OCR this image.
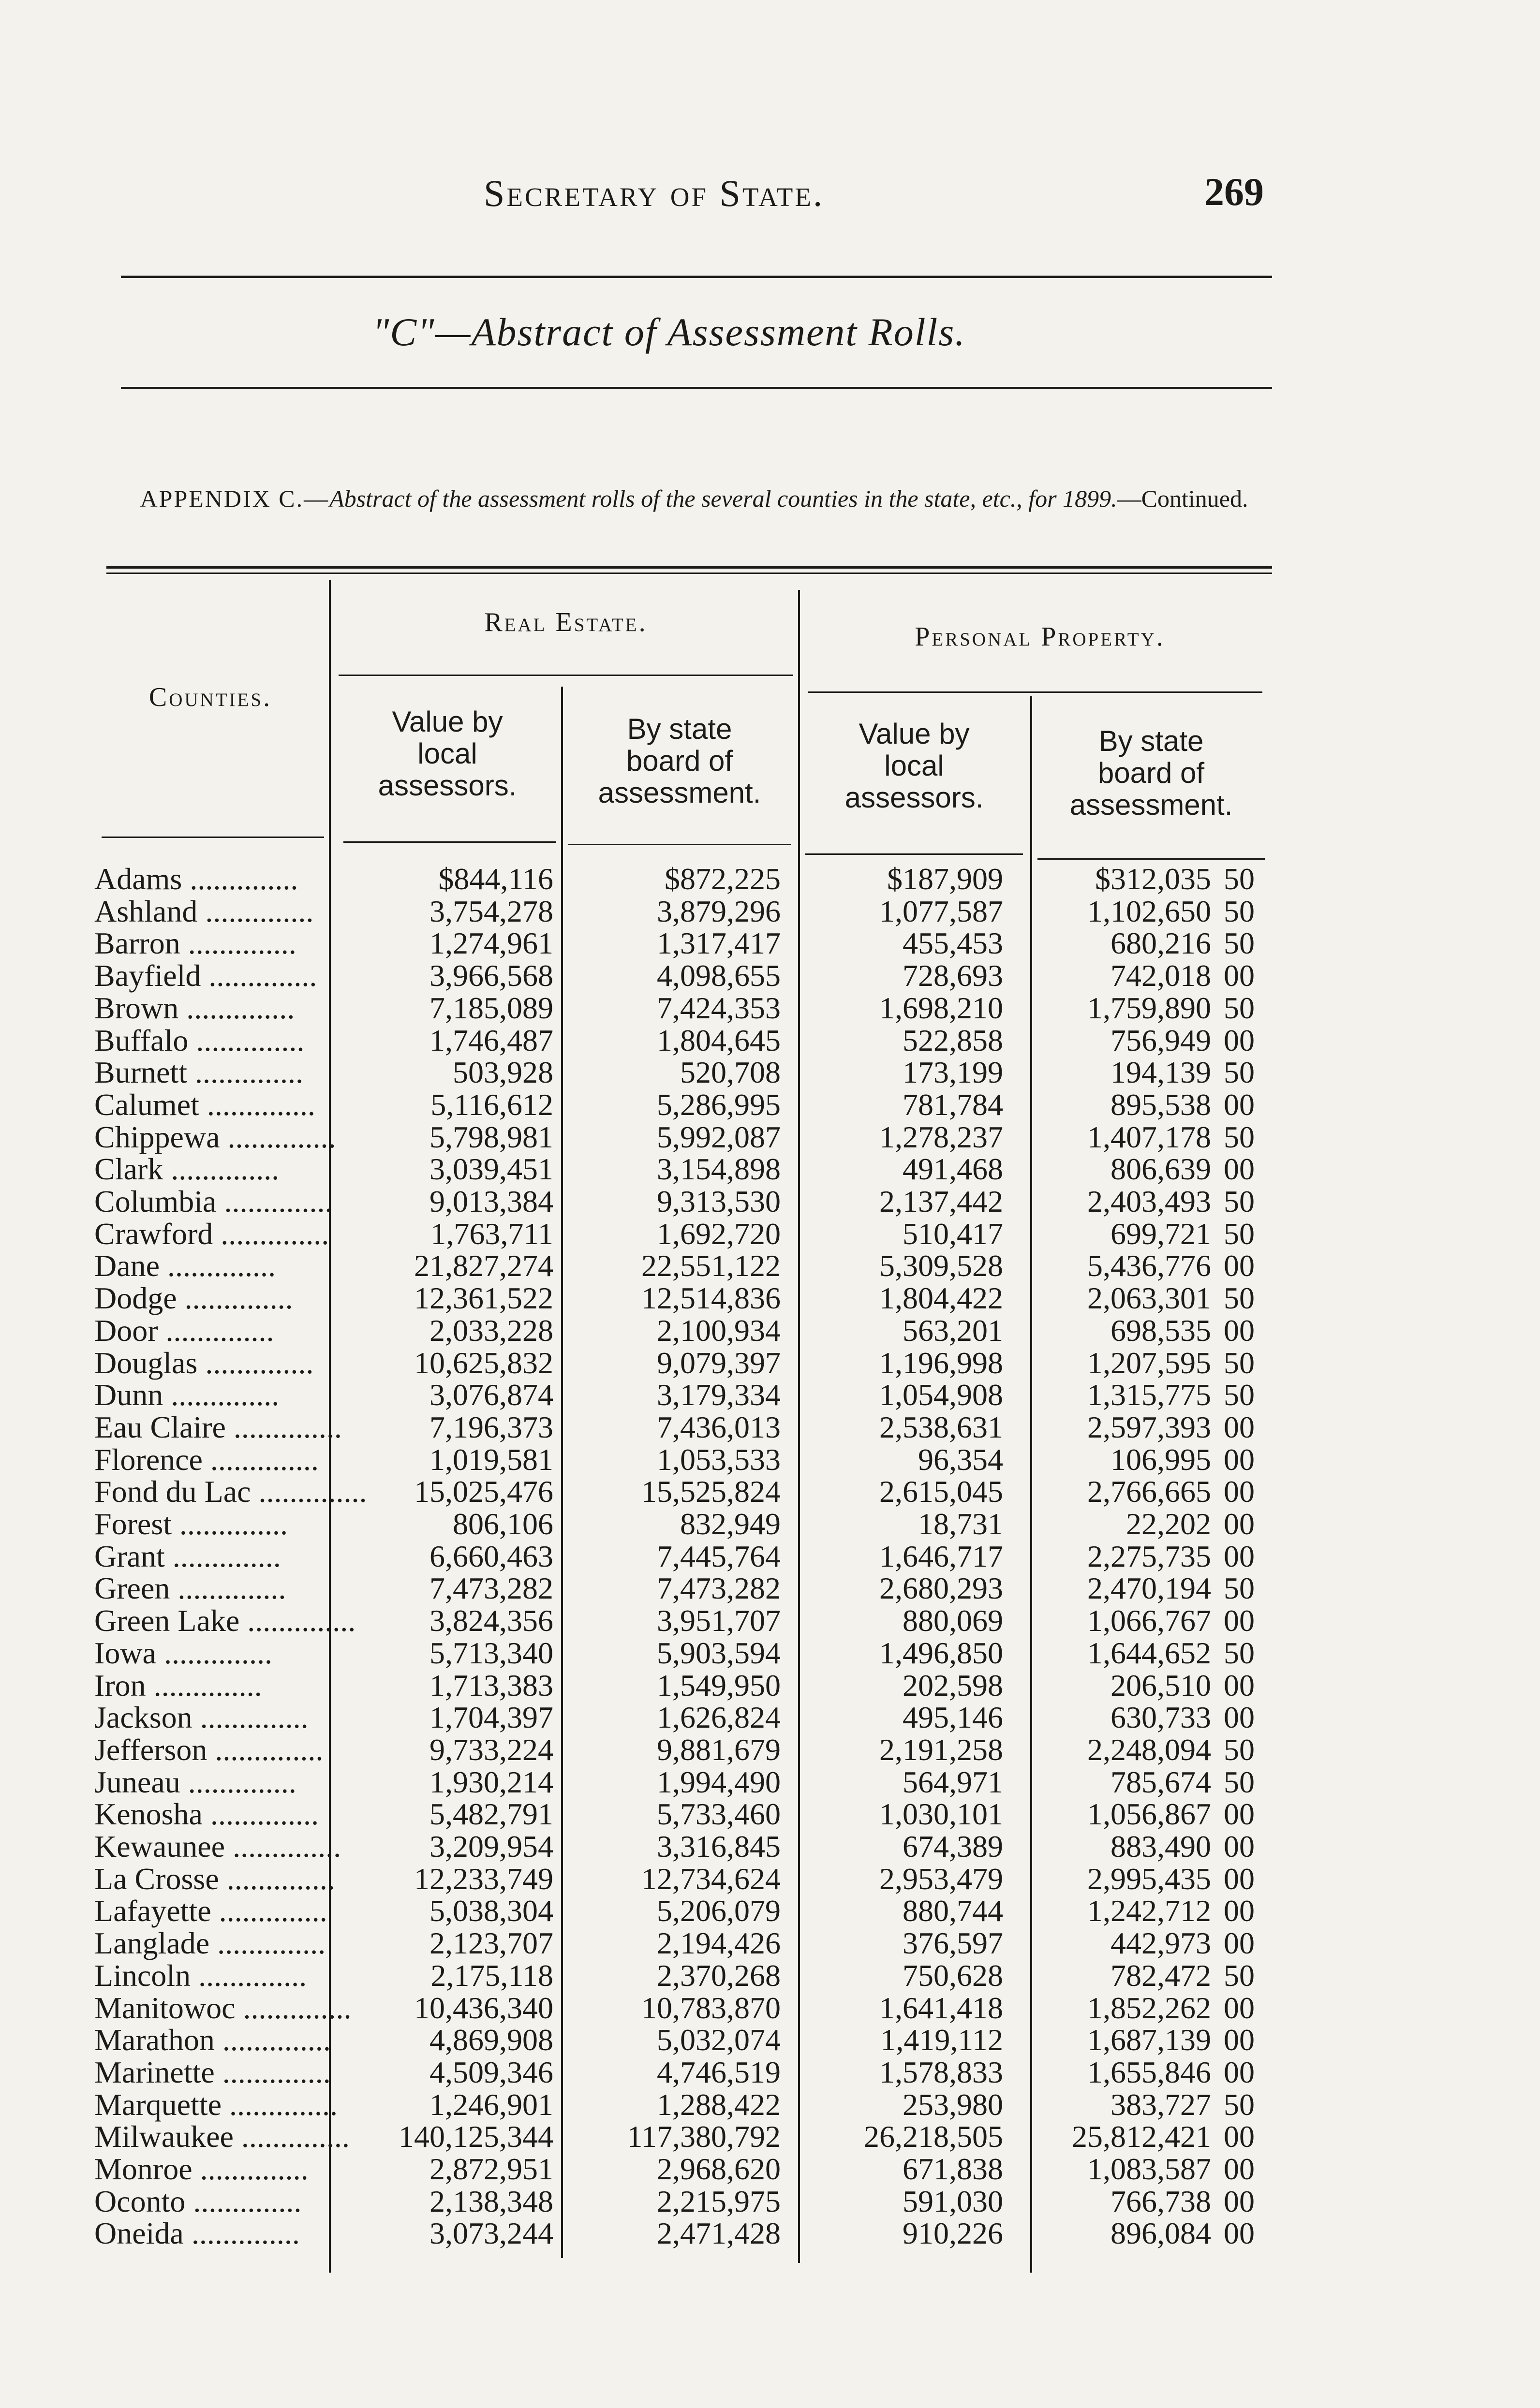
Secretary of State.	269
"C"—Abstract of Assessment Rolls.
APPENDIX C.—Abstract of the assessment rolls of the several counties in the state, etc., for 1899.—Continued.
Real Estate.	Personal Property.
Counties.
Value by
local
assessors.
By state
board of
assessment.
Value by
local
assessors.
By state
board of
assessment.
Adams ..............	$844,116	$872,225	$187,909	$312,035 50
Ashland ..............	3,754,278	3,879,296	1,077,587	1,102,650 50
Barron ..............	1,274,961	1,317,417	455,453	680,216 50
Bayfield ..............	3,966,568	4,098,655	728,693	742,018 00
Brown ..............	7,185,089	7,424,353	1,698,210	1,759,890 50
Buffalo ..............	1,746,487	1,804,645	522,858	756,949 00
Burnett ..............	503,928	520,708	173,199	194,139 50
Calumet ..............	5,116,612	5,286,995	781,784	895,538 00
Chippewa ..............	5,798,981	5,992,087	1,278,237	1,407,178 50
Clark ..............	3,039,451	3,154,898	491,468	806,639 00
Columbia ..............	9,013,384	9,313,530	2,137,442	2,403,493 50
Crawford ..............	1,763,711	1,692,720	510,417	699,721 50
Dane ..............	21,827,274	22,551,122	5,309,528	5,436,776 00
Dodge ..............	12,361,522	12,514,836	1,804,422	2,063,301 50
Door ..............	2,033,228	2,100,934	563,201	698,535 00
Douglas ..............	10,625,832	9,079,397	1,196,998	1,207,595 50
Dunn ..............	3,076,874	3,179,334	1,054,908	1,315,775 50
Eau Claire ..............	7,196,373	7,436,013	2,538,631	2,597,393 00
Florence ..............	1,019,581	1,053,533	96,354	106,995 00
Fond du Lac .............. 15,025,476	15,525,824	2,615,045	2,766,665 00
Forest ..............	806,106	832,949	18,731	22,202 00
Grant ..............	6,660,463	7,445,764	1,646,717	2,275,735 00
Green ..............	7,473,282	7,473,282	2,680,293	2,470,194 50
Green Lake .............. 3,824,356	3,951,707	880,069	1,066,767 00
Iowa ..............	5,713,340	5,903,594	1,496,850	1,644,652 50
Iron ..............	1,713,383	1,549,950	202,598	206,510 00
Jackson ..............	1,704,397	1,626,824	495,146	630,733 00
Jefferson ..............	9,733,224	9,881,679	2,191,258	2,248,094 50
Juneau ..............	1,930,214	1,994,490	564,971	785,674 50
Kenosha ..............	5,482,791	5,733,460	1,030,101	1,056,867 00
Kewaunee ..............	3,209,954	3,316,845	674,389	883,490 00
La Crosse ..............	12,233,749	12,734,624	2,953,479	2,995,435 00
Lafayette ..............	5,038,304	5,206,079	880,744	1,242,712 00
Langlade ..............	2,123,707	2,194,426	376,597	442,973 00
Lincoln ..............	2,175,118	2,370,268	750,628	782,472 50
Manitowoc .............. 10,436,340	10,783,870	1,641,418	1,852,262 00
Marathon ..............	4,869,908	5,032,074	1,419,112	1,687,139 00
Marinette ..............	4,509,346	4,746,519	1,578,833	1,655,846 00
Marquette ..............	1,246,901	1,288,422	253,980	383,727 50
Milwaukee .............. 140,125,344 117,380,792	26,218,505 25,812,421 00
Monroe ..............	2,872,951	2,968,620	671,838	1,083,587 00
Oconto ..............	2,138,348	2,215,975	591,030	766,738 00
Oneida ..............	3,073,244	2,471,428	910,226	896,084 00
